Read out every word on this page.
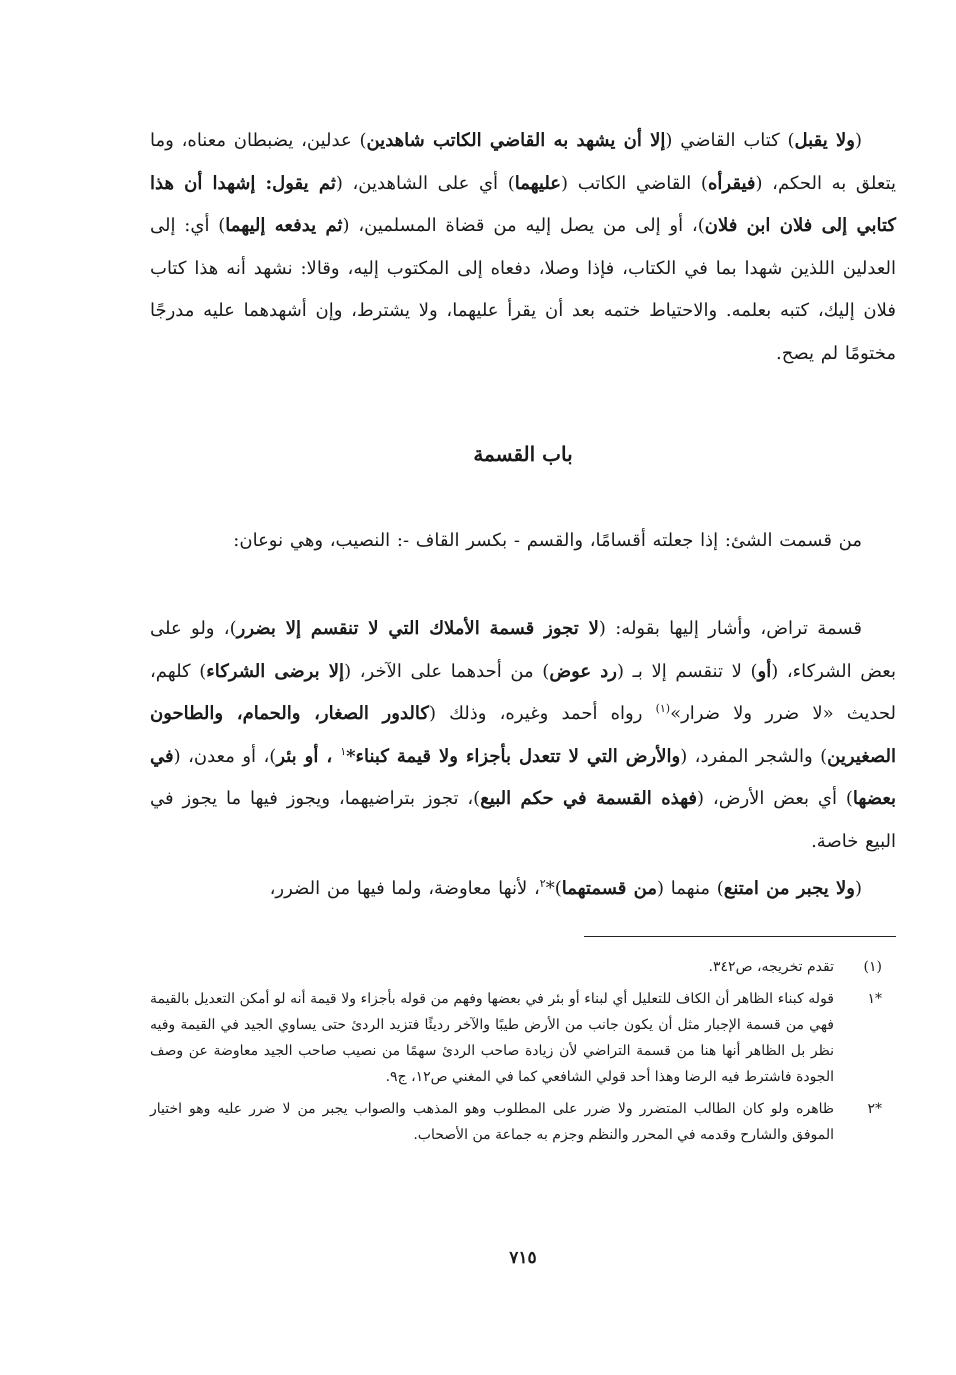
(ولا يقبل) كتاب القاضي (إلا أن يشهد به القاضي الكاتب شاهدين) عدلين، يضبطان معناه، وما يتعلق به الحكم، (فيقرأه) القاضي الكاتب (عليهما) أي على الشاهدين، (ثم يقول: إشهدا أن هذا كتابي إلى فلان ابن فلان)، أو إلى من يصل إليه من قضاة المسلمين، (ثم يدفعه إليهما) أي: إلى العدلين اللذين شهدا بما في الكتاب، فإذا وصلا، دفعاه إلى المكتوب إليه، وقالا: نشهد أنه هذا كتاب فلان إليك، كتبه بعلمه. والاحتياط ختمه بعد أن يقرأ عليهما، ولا يشترط، وإن أشهدهما عليه مدرجًا مختومًا لم يصح.

باب القسمة

من قسمت الشئ: إذا جعلته أقسامًا، والقسم - بكسر القاف -: النصيب، وهي نوعان:

قسمة تراض، وأشار إليها بقوله: (لا تجوز قسمة الأملاك التي لا تنقسم إلا بضرر)، ولو على بعض الشركاء، (أو) لا تنقسم إلا بـ (رد عوض) من أحدهما على الآخر، (إلا برضى الشركاء) كلهم، لحديث «لا ضرر ولا ضرار»$^{(١)}$ رواه أحمد وغيره، وذلك (كالدور الصغار، والحمام، والطاحون الصغيرين) والشجر المفرد، (والأرض التي لا تتعدل بأجزاء ولا قيمة كبناء*$^١$ ، أو بئر)، أو معدن، (في بعضها) أي بعض الأرض، (فهذه القسمة في حكم البيع)، تجوز بتراضيهما، ويجوز فيها ما يجوز في البيع خاصة.

(ولا يجبر من امتنع) منهما (من قسمتهما)*$^٢$، لأنها معاوضة، ولما فيها من الضرر،

(١)
تقدم تخريجه، ص٣٤٢.
*١
قوله كبناء الظاهر أن الكاف للتعليل أي لبناء أو بئر في بعضها وفهم من قوله بأجزاء ولا قيمة أنه لو أمكن التعديل بالقيمة فهي من قسمة الإجبار مثل أن يكون جانب من الأرض طيبًا والآخر رديئًا فتزيد الردئ حتى يساوي الجيد في القيمة وفيه نظر بل الظاهر أنها هنا من قسمة التراضي لأن زيادة صاحب الردئ سهمًا من نصيب صاحب الجيد معاوضة عن وصف الجودة فاشترط فيه الرضا وهذا أحد قولي الشافعي كما في المغني ص١٢، ج٩.
*٢
ظاهره ولو كان الطالب المتضرر ولا ضرر على المطلوب وهو المذهب والصواب يجبر من لا ضرر عليه وهو اختيار الموفق والشارح وقدمه في المحرر والنظم وجزم به جماعة من الأصحاب.
٧١٥
